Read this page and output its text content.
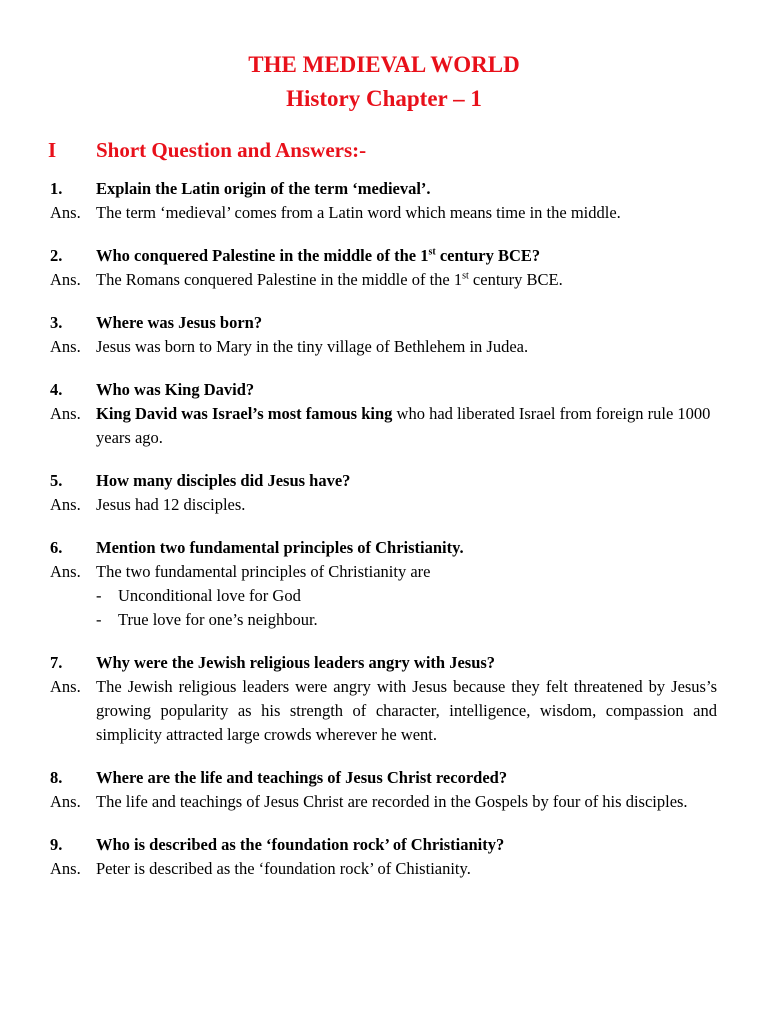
THE MEDIEVAL WORLD
History Chapter – 1
I	Short Question and Answers:-
1.	Explain the Latin origin of the term ‘medieval’.
Ans. The term ‘medieval’ comes from a Latin word which means time in the middle.
2.	Who conquered Palestine in the middle of the 1st century BCE?
Ans. The Romans conquered Palestine in the middle of the 1st century BCE.
3.	Where was Jesus born?
Ans. Jesus was born to Mary in the tiny village of Bethlehem in Judea.
4.	Who was King David?
Ans. King David was Israel’s most famous king who had liberated Israel from foreign rule 1000 years ago.
5.	How many disciples did Jesus have?
Ans. Jesus had 12 disciples.
6.	Mention two fundamental principles of Christianity.
Ans. The two fundamental principles of Christianity are
-	Unconditional love for God
-	True love for one’s neighbour.
7.	Why were the Jewish religious leaders angry with Jesus?
Ans. The Jewish religious leaders were angry with Jesus because they felt threatened by Jesus’s growing popularity as his strength of character, intelligence, wisdom, compassion and simplicity attracted large crowds wherever he went.
8.	Where are the life and teachings of Jesus Christ recorded?
Ans. The life and teachings of Jesus Christ are recorded in the Gospels by four of his disciples.
9.	Who is described as the ‘foundation rock’ of Christianity?
Ans. Peter is described as the ‘foundation rock’ of Chistianity.
